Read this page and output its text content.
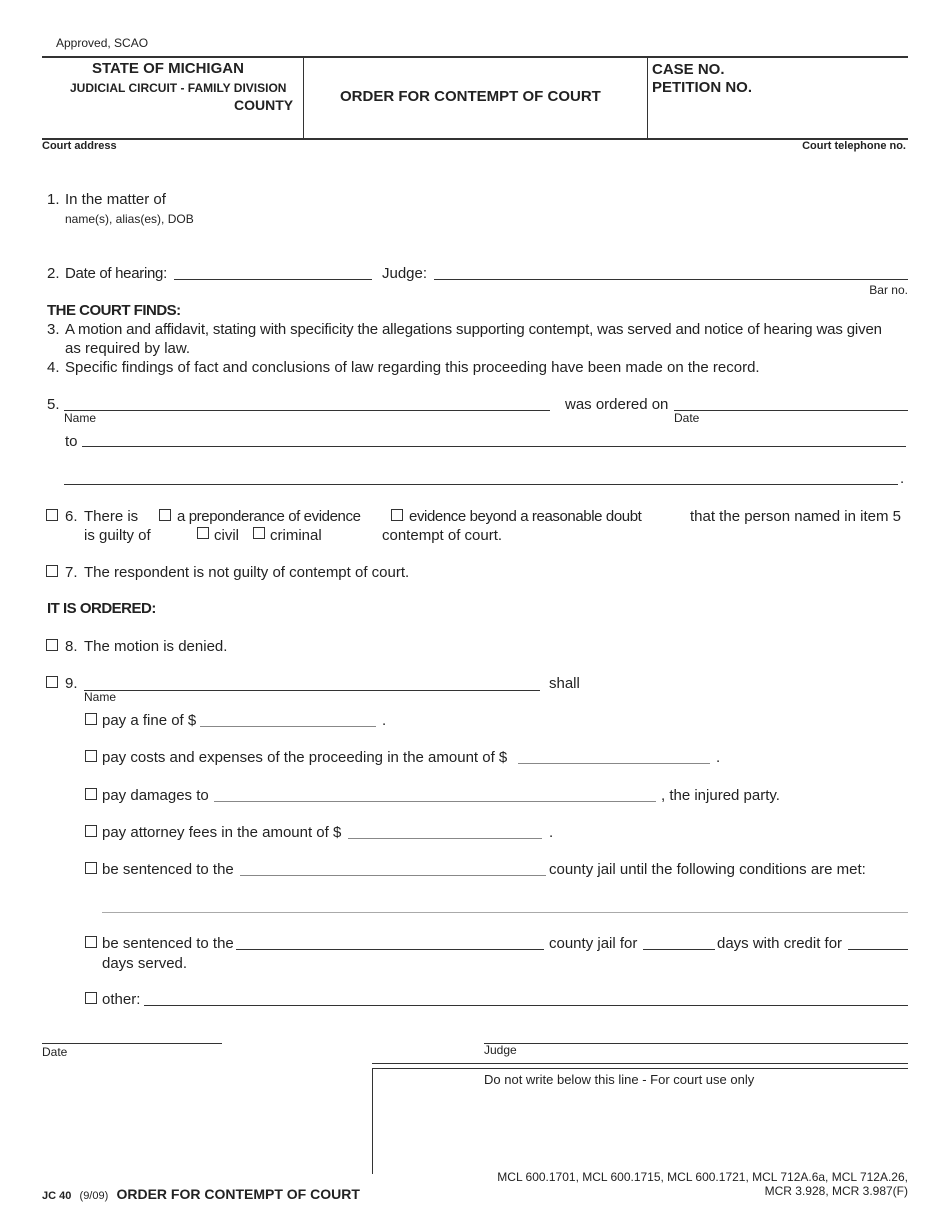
Approved, SCAO
STATE OF MICHIGAN
JUDICIAL CIRCUIT - FAMILY DIVISION
COUNTY	ORDER FOR CONTEMPT OF COURT
CASE NO.
PETITION NO.
Court address	Court telephone no.
1. In the matter of
name(s), alias(es), DOB
2. Date of hearing:	Judge:
Bar no.
THE COURT FINDS:
3. A motion and affidavit, stating with specificity the allegations supporting contempt, was served and notice of hearing was given
as required by law.
4. Specific findings of fact and conclusions of law regarding this proceeding have been made on the record.
5.	was ordered on
Name	Date
to
.
6. There is	a preponderance of evidence	evidence beyond a reasonable doubt	that the person named in item 5
is guilty of	civil criminal	contempt of court.
7. The respondent is not guilty of contempt of court.
IT IS ORDERED:
8. The motion is denied.
9.	shall
Name
pay a fine of $	.
pay costs and expenses of the proceeding in the amount of $	.
pay damages to	, the injured party.
pay attorney fees in the amount of $	.
be sentenced to the	county jail until the following conditions are met:
be sentenced to the	county jail for	days with credit for
days served.
other:
Date	Judge
Do not write below this line - For court use only
JC 40 (9/09) ORDER FOR CONTEMPT OF COURT
MCL 600.1701, MCL 600.1715, MCL 600.1721, MCL 712A.6a, MCL 712A.26,
MCR 3.928, MCR 3.987(F)
